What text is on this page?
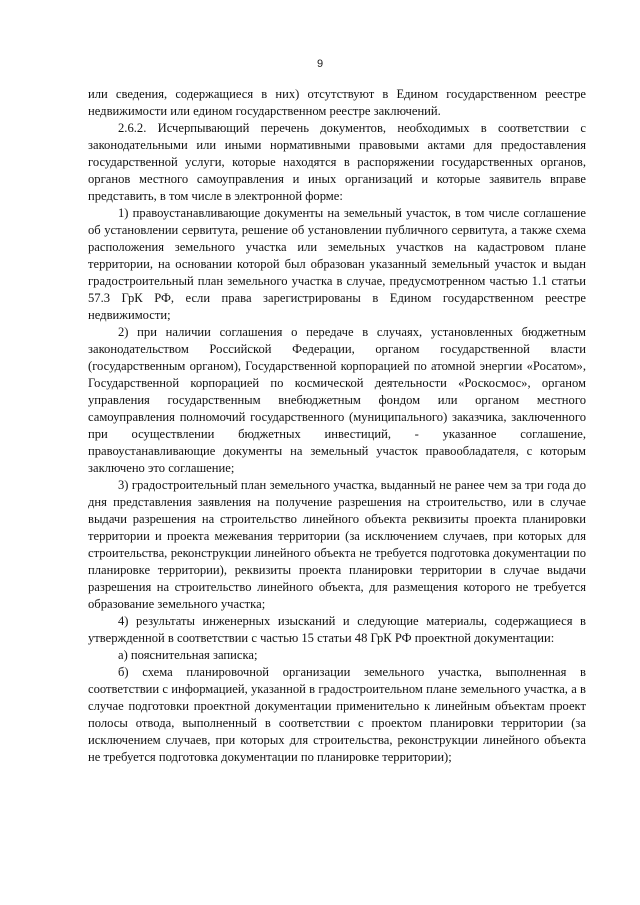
9

или сведения, содержащиеся в них) отсутствуют в Едином государственном реестре недвижимости или едином государственном реестре заключений.

2.6.2. Исчерпывающий перечень документов, необходимых в соответствии с законодательными или иными нормативными правовыми актами для предоставления государственной услуги, которые находятся в распоряжении государственных органов, органов местного самоуправления и иных организаций и которые заявитель вправе представить, в том числе в электронной форме:

1) правоустанавливающие документы на земельный участок, в том числе соглашение об установлении сервитута, решение об установлении публичного сервитута, а также схема расположения земельного участка или земельных участков на кадастровом плане территории, на основании которой был образован указанный земельный участок и выдан градостроительный план земельного участка в случае, предусмотренном частью 1.1 статьи 57.3 ГрК РФ, если права зарегистрированы в Едином государственном реестре недвижимости;

2) при наличии соглашения о передаче в случаях, установленных бюджетным законодательством Российской Федерации, органом государственной власти (государственным органом), Государственной корпорацией по атомной энергии «Росатом», Государственной корпорацией по космической деятельности «Роскосмос», органом управления государственным внебюджетным фондом или органом местного самоуправления полномочий государственного (муниципального) заказчика, заключенного при осуществлении бюджетных инвестиций, - указанное соглашение, правоустанавливающие документы на земельный участок правообладателя, с которым заключено это соглашение;

3) градостроительный план земельного участка, выданный не ранее чем за три года до дня представления заявления на получение разрешения на строительство, или в случае выдачи разрешения на строительство линейного объекта реквизиты проекта планировки территории и проекта межевания территории (за исключением случаев, при которых для строительства, реконструкции линейного объекта не требуется подготовка документации по планировке территории), реквизиты проекта планировки территории в случае выдачи разрешения на строительство линейного объекта, для размещения которого не требуется образование земельного участка;

4) результаты инженерных изысканий и следующие материалы, содержащиеся в утвержденной в соответствии с частью 15 статьи 48 ГрК РФ проектной документации:

а) пояснительная записка;

б) схема планировочной организации земельного участка, выполненная в соответствии с информацией, указанной в градостроительном плане земельного участка, а в случае подготовки проектной документации применительно к линейным объектам проект полосы отвода, выполненный в соответствии с проектом планировки территории (за исключением случаев, при которых для строительства, реконструкции линейного объекта не требуется подготовка документации по планировке территории);
